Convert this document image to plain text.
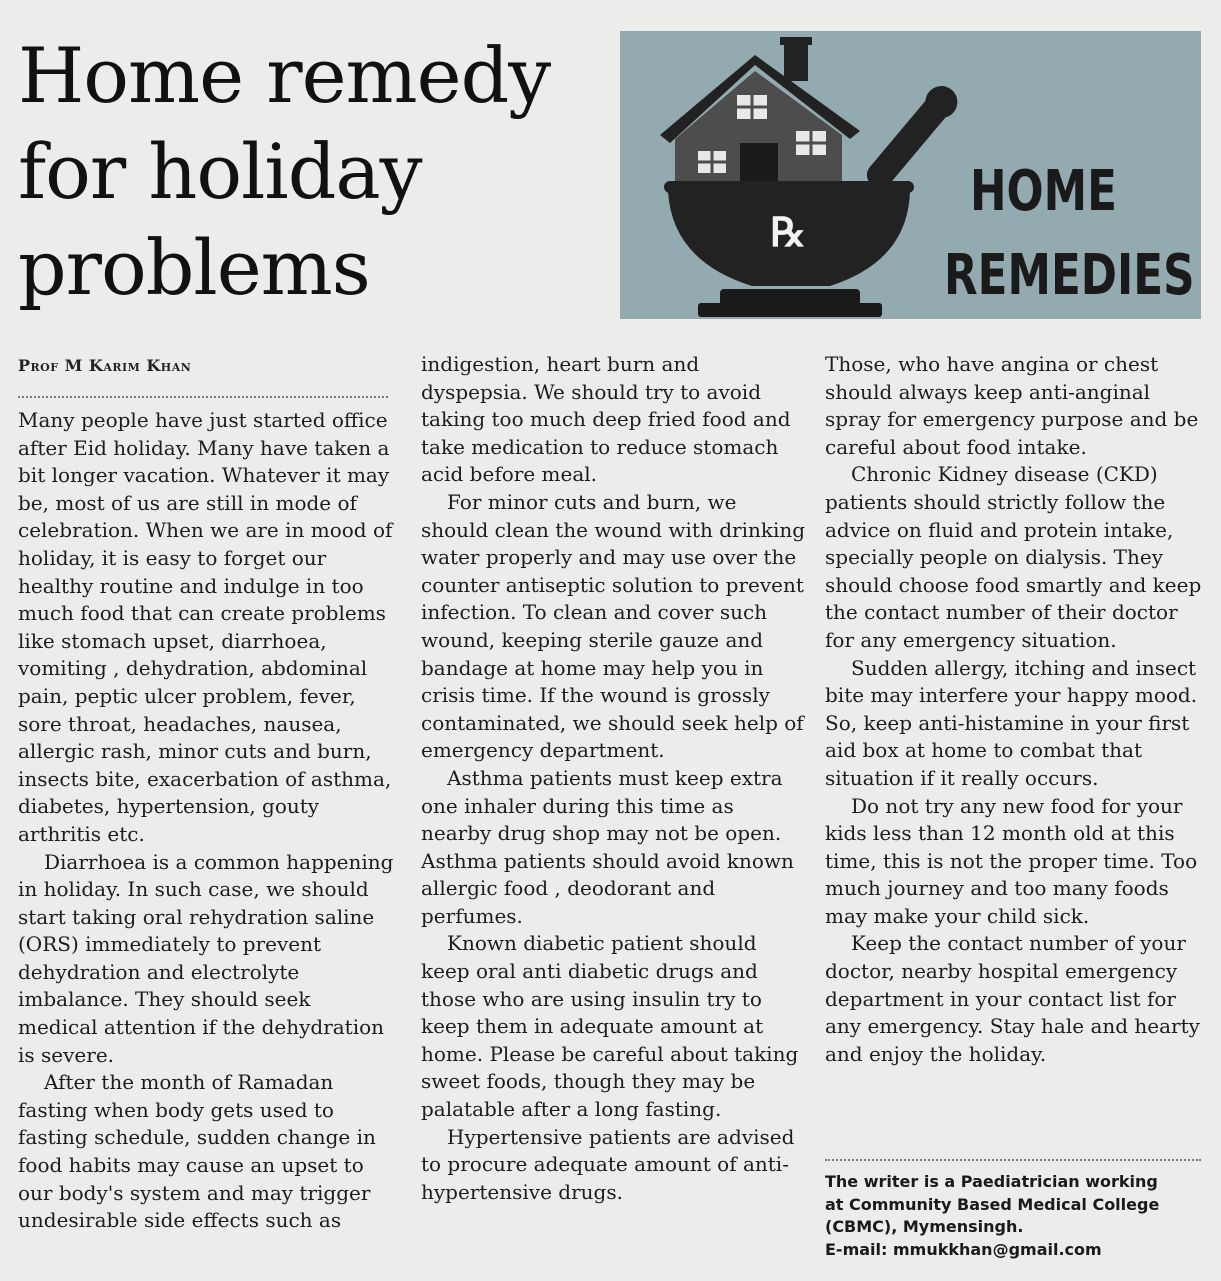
Home remedy
for holiday
problems	℞
HOME
REMEDIES
Prof M Karim Khan

Many people have just started office after Eid holiday. Many have taken a bit longer vacation. Whatever it may be, most of us are still in mode of celebration. When we are in mood of holiday, it is easy to forget our healthy routine and indulge in too much food that can create problems like stomach upset, diarrhoea, vomiting , dehydration, abdominal pain, peptic ulcer problem, fever, sore throat, headaches, nausea, allergic rash, minor cuts and burn, insects bite, exacerbation of asthma, diabetes, hypertension, gouty arthritis etc.

Diarrhoea is a common happening in holiday. In such case, we should start taking oral rehydration saline (ORS) immediately to prevent dehydration and electrolyte imbalance. They should seek medical attention if the dehydration is severe.

After the month of Ramadan fasting when body gets used to fasting schedule, sudden change in food habits may cause an upset to our body's system and may trigger undesirable side effects such as

indigestion, heart burn and dyspepsia. We should try to avoid taking too much deep fried food and take medication to reduce stomach acid before meal.

For minor cuts and burn, we should clean the wound with drinking water properly and may use over the counter antiseptic solution to prevent infection. To clean and cover such wound, keeping sterile gauze and bandage at home may help you in crisis time. If the wound is grossly contaminated, we should seek help of emergency department.

Asthma patients must keep extra one inhaler during this time as nearby drug shop may not be open. Asthma patients should avoid known allergic food , deodorant and perfumes.

Known diabetic patient should keep oral anti diabetic drugs and those who are using insulin try to keep them in adequate amount at home. Please be careful about taking sweet foods, though they may be palatable after a long fasting.

Hypertensive patients are advised to procure adequate amount of anti-hypertensive drugs.

Those, who have angina or chest should always keep anti-anginal spray for emergency purpose and be careful about food intake.

Chronic Kidney disease (CKD) patients should strictly follow the advice on fluid and protein intake, specially people on dialysis. They should choose food smartly and keep the contact number of their doctor for any emergency situation.

Sudden allergy, itching and insect bite may interfere your happy mood. So, keep anti-histamine in your first aid box at home to combat that situation if it really occurs.

Do not try any new food for your kids less than 12 month old at this time, this is not the proper time. Too much journey and too many foods may make your child sick.

Keep the contact number of your doctor, nearby hospital emergency department in your contact list for any emergency. Stay hale and hearty and enjoy the holiday.

The writer is a Paediatrician working
at Community Based Medical College
(CBMC), Mymensingh.
E-mail: mmukkhan@gmail.com
